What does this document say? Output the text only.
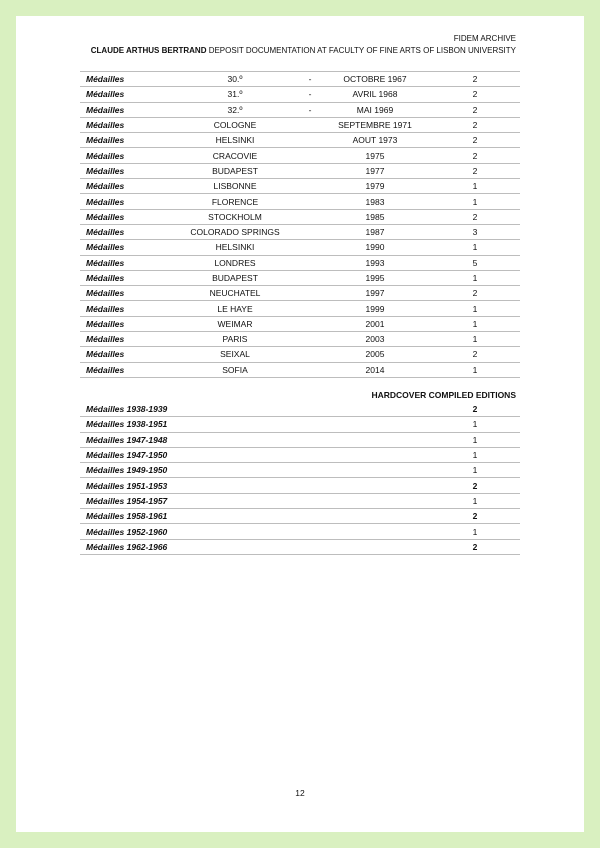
FIDEM ARCHIVE
CLAUDE ARTHUS BERTRAND DEPOSIT DOCUMENTATION AT FACULTY OF FINE ARTS OF LISBON UNIVERSITY
Médailles	30.º	-	OCTOBRE 1967	2
Médailles	31.º	-	AVRIL 1968	2
Médailles	32.º	-	MAI 1969	2
Médailles	COLOGNE		SEPTEMBRE 1971	2
Médailles	HELSINKI		AOUT 1973	2
Médailles	CRACOVIE		1975	2
Médailles	BUDAPEST		1977	2
Médailles	LISBONNE		1979	1
Médailles	FLORENCE		1983	1
Médailles	STOCKHOLM		1985	2
Médailles	COLORADO SPRINGS		1987	3
Médailles	HELSINKI		1990	1
Médailles	LONDRES		1993	5
Médailles	BUDAPEST		1995	1
Médailles	NEUCHATEL		1997	2
Médailles	LE HAYE		1999	1
Médailles	WEIMAR		2001	1
Médailles	PARIS		2003	1
Médailles	SEIXAL		2005	2
Médailles	SOFIA		2014	1
HARDCOVER COMPILED EDITIONS
Médailles 1938-1939	2
Médailles 1938-1951	1
Médailles 1947-1948	1
Médailles 1947-1950	1
Médailles 1949-1950	1
Médailles 1951-1953	2
Médailles 1954-1957	1
Médailles 1958-1961	2
Médailles 1952-1960	1
Médailles 1962-1966	2
12
